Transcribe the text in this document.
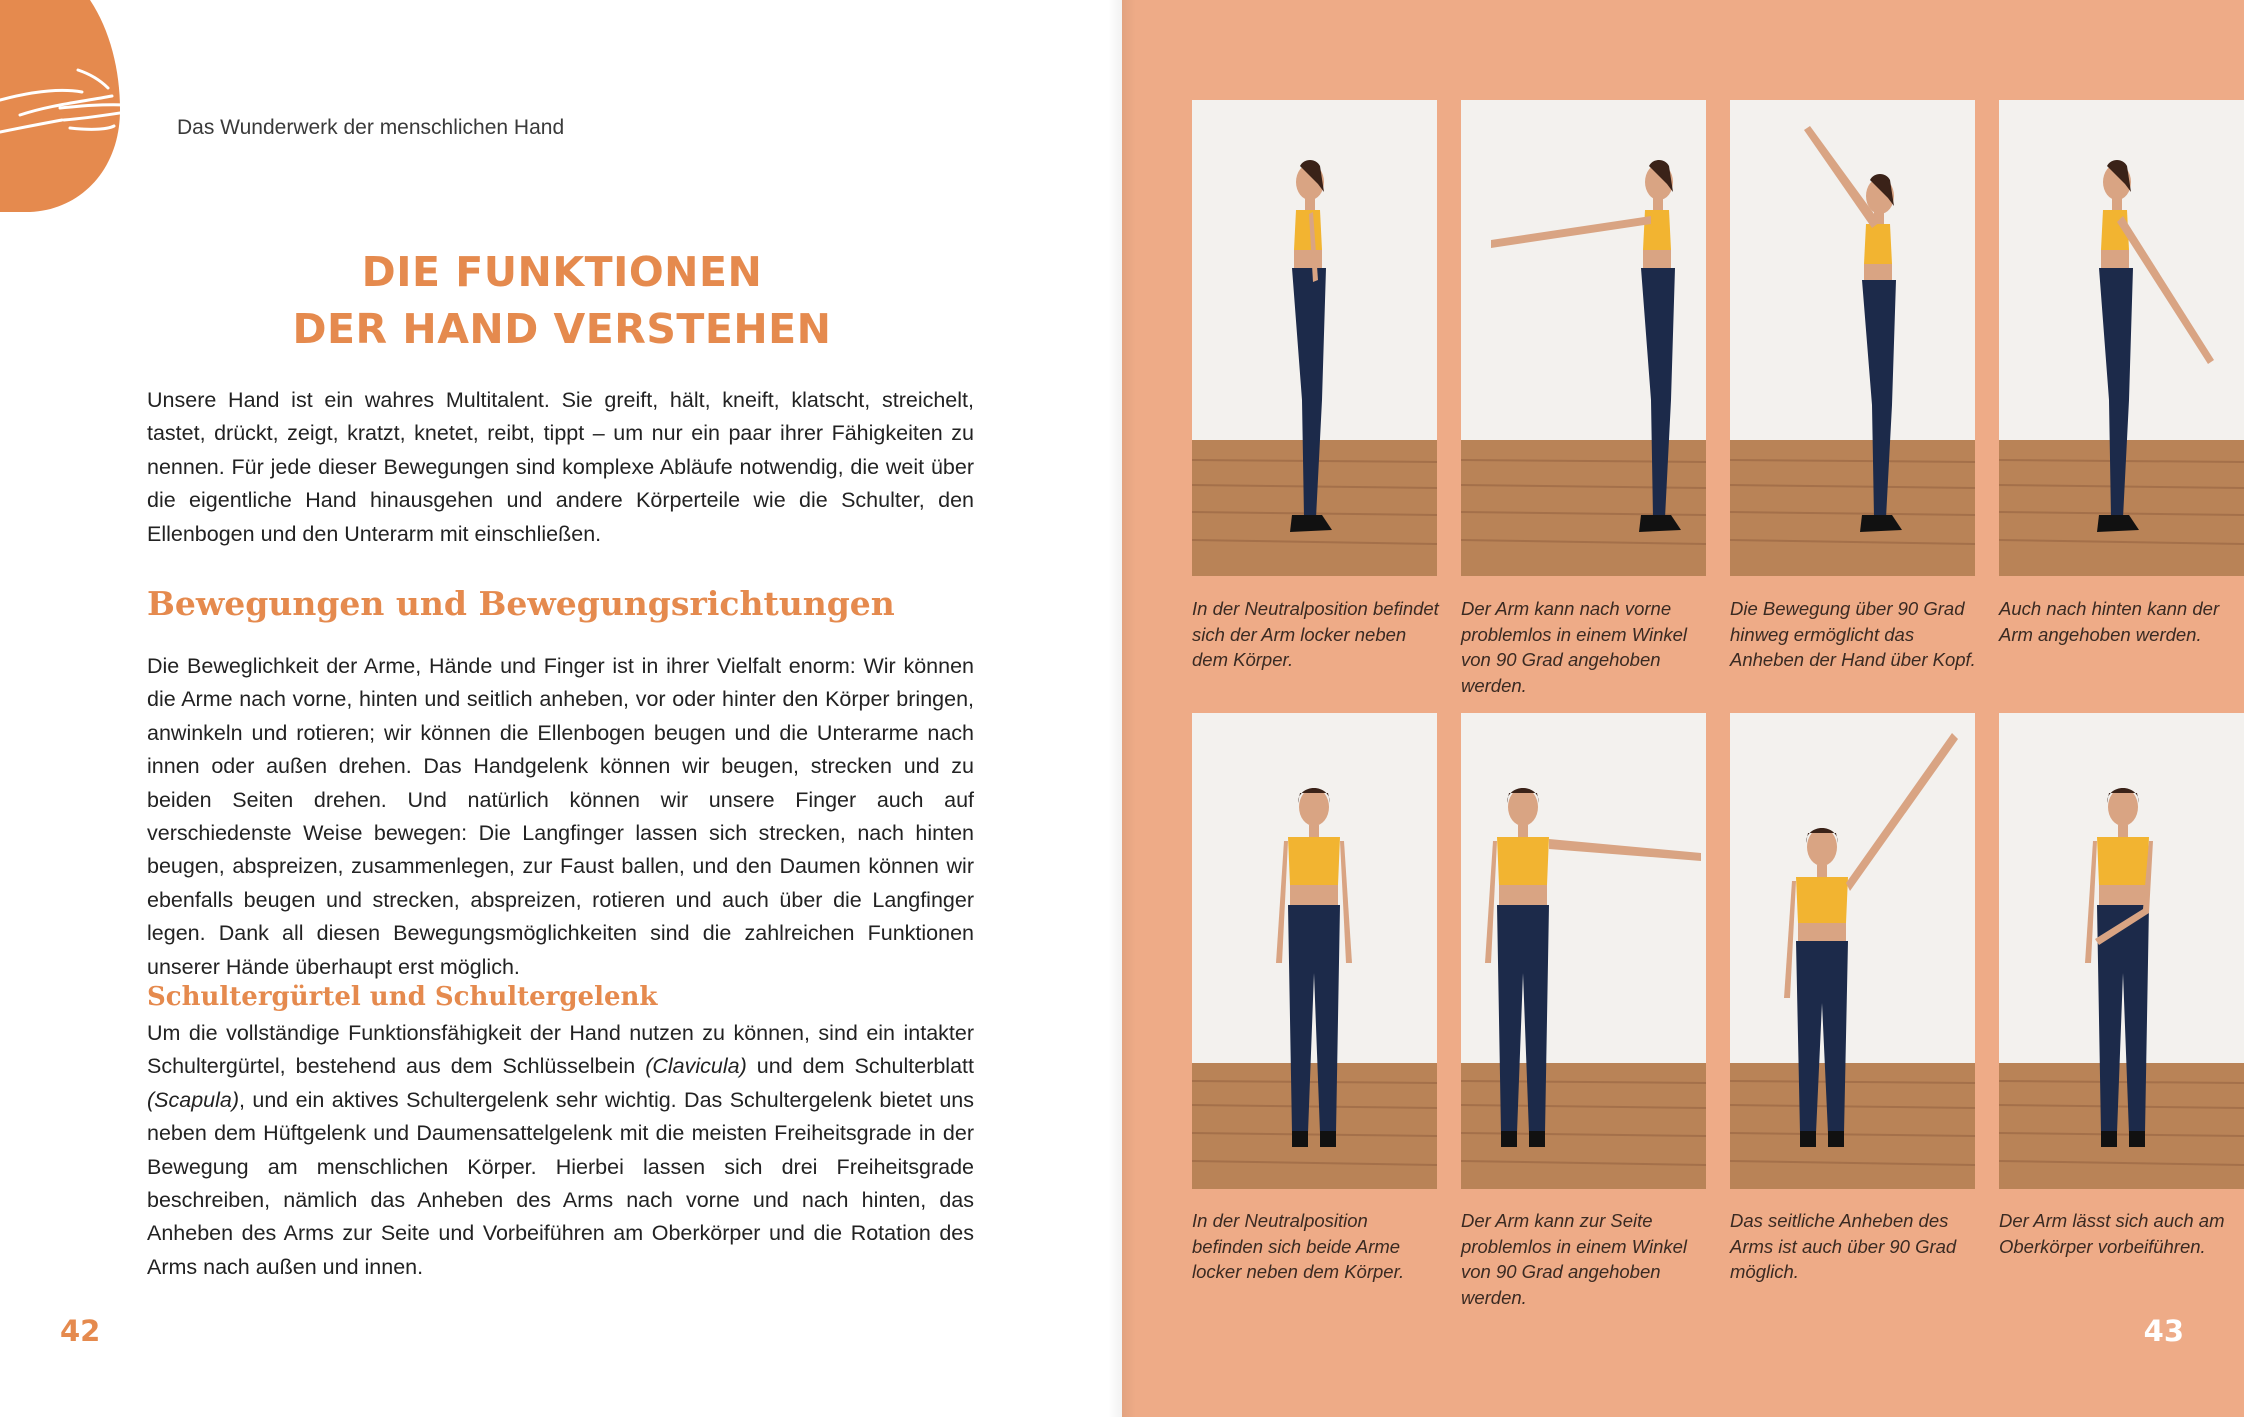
Das Wunderwerk der menschlichen Hand
DIE FUNKTIONEN
DER HAND VERSTEHEN
Unsere Hand ist ein wahres Multitalent. Sie greift, hält, kneift, klatscht, streichelt, tastet, drückt, zeigt, kratzt, knetet, reibt, tippt – um nur ein paar ihrer Fähigkeiten zu nennen. Für jede dieser Bewegungen sind komplexe Abläufe notwendig, die weit über die eigentliche Hand hinausgehen und andere Körperteile wie die Schulter, den Ellenbogen und den Unterarm mit einschließen.
Bewegungen und Bewegungsrichtungen
Die Beweglichkeit der Arme, Hände und Finger ist in ihrer Vielfalt enorm: Wir können die Arme nach vorne, hinten und seitlich anheben, vor oder hinter den Körper bringen, anwinkeln und rotieren; wir können die Ellenbogen beugen und die Unterarme nach innen oder außen drehen. Das Handgelenk können wir beugen, strecken und zu beiden Seiten drehen. Und natürlich können wir unsere Finger auch auf verschiedenste Weise bewegen: Die Langfinger lassen sich strecken, nach hinten beugen, abspreizen, zusammenlegen, zur Faust ballen, und den Daumen können wir ebenfalls beugen und strecken, abspreizen, rotieren und auch über die Langfinger legen. Dank all diesen Bewegungsmöglichkeiten sind die zahlreichen Funktionen unserer Hände überhaupt erst möglich.
Schultergürtel und Schultergelenk
Um die vollständige Funktionsfähigkeit der Hand nutzen zu können, sind ein intakter Schultergürtel, bestehend aus dem Schlüsselbein (Clavicula) und dem Schulterblatt (Scapula), und ein aktives Schultergelenk sehr wichtig. Das Schultergelenk bietet uns neben dem Hüftgelenk und Daumensattelgelenk mit die meisten Freiheitsgrade in der Bewegung am menschlichen Körper. Hierbei lassen sich drei Freiheitsgrade beschreiben, nämlich das Anheben des Arms nach vorne und nach hinten, das Anheben des Arms zur Seite und Vorbeiführen am Oberkörper und die Rotation des Arms nach außen und innen.
42
In der Neutralposition befindet sich der Arm locker neben dem Körper.
Der Arm kann nach vorne problemlos in einem Winkel von 90 Grad angehoben werden.
Die Bewegung über 90 Grad hinweg ermöglicht das Anheben der Hand über Kopf.
Auch nach hinten kann der Arm angehoben werden.
In der Neutralposition befinden sich beide Arme locker neben dem Körper.
Der Arm kann zur Seite problemlos in einem Winkel von 90 Grad angehoben werden.
Das seitliche Anheben des Arms ist auch über 90 Grad möglich.
Der Arm lässt sich auch am Oberkörper vorbeiführen.
43
